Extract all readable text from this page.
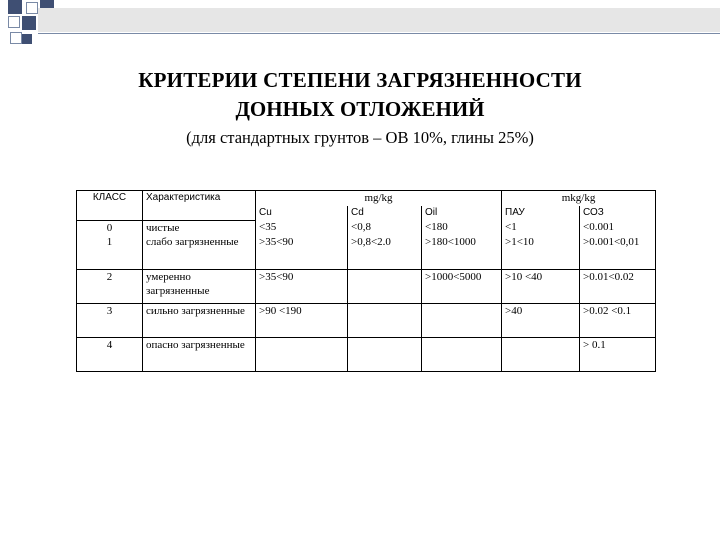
КРИТЕРИИ СТЕПЕНИ ЗАГРЯЗНЕННОСТИ
ДОННЫХ ОТЛОЖЕНИЙ
(для стандартных грунтов – ОВ 10%, глины 25%)
КЛАСС	Характеристика	mg/kg			mkg/kg	
		Cu	Cd	Oil	ПАУ	СОЗ
0	чистые	<35	<0,8	<180	<1	<0.001
1	слабо загрязненные	>35<90	>0,8<2.0	>180<1000	>1<10	>0.001<0,01
2	умеренно загрязненные	>35<90		>1000<5000	>10 <40	>0.01<0.02
3	сильно загрязненные	>90 <190			>40	>0.02 <0.1
4	опасно загрязненные					> 0.1
